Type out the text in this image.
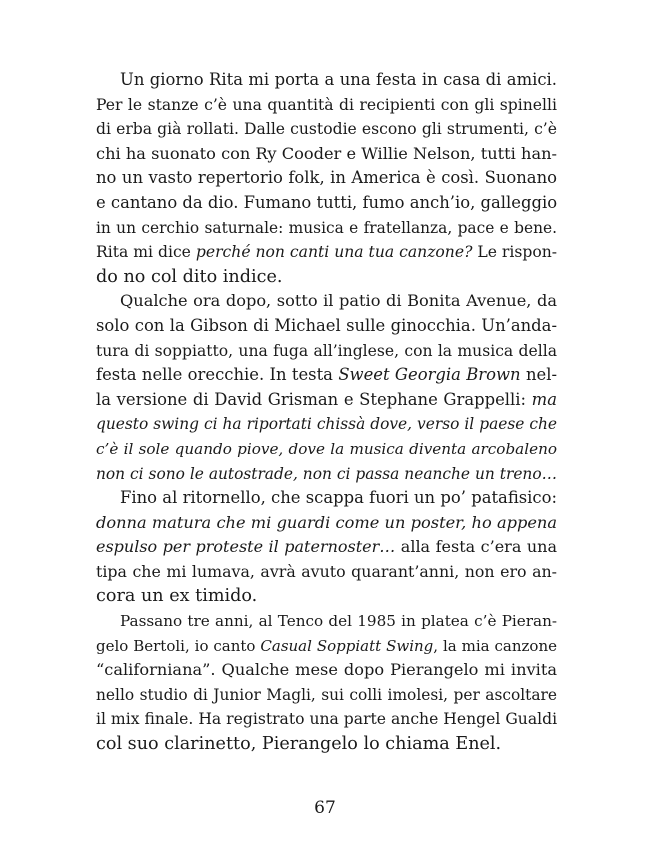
Un giorno Rita mi porta a una festa in casa di amici.
Per le stanze c’è una quantità di recipienti con gli spinelli
di erba già rollati. Dalle custodie escono gli strumenti, c’è
chi ha suonato con Ry Cooder e Willie Nelson, tutti han-
no un vasto repertorio folk, in America è così. Suonano
e cantano da dio. Fumano tutti, fumo anch’io, galleggio
in un cerchio saturnale: musica e fratellanza, pace e bene.
Rita mi dice perché non canti una tua canzone? Le rispon-
do no col dito indice.
Qualche ora dopo, sotto il patio di Bonita Avenue, da
solo con la Gibson di Michael sulle ginocchia. Un’anda-
tura di soppiatto, una fuga all’inglese, con la musica della
festa nelle orecchie. In testa Sweet Georgia Brown nel-
la versione di David Grisman e Stephane Grappelli: ma
questo swing ci ha riportati chissà dove, verso il paese che
c’è il sole quando piove, dove la musica diventa arcobaleno
non ci sono le autostrade, non ci passa neanche un treno…
Fino al ritornello, che scappa fuori un po’ patafisico:
donna matura che mi guardi come un poster, ho appena
espulso per proteste il paternoster… alla festa c’era una
tipa che mi lumava, avrà avuto quarant’anni, non ero an-
cora un ex timido.
Passano tre anni, al Tenco del 1985 in platea c’è Pieran-
gelo Bertoli, io canto Casual Soppiatt Swing, la mia canzone
“californiana”. Qualche mese dopo Pierangelo mi invita
nello studio di Junior Magli, sui colli imolesi, per ascoltare
il mix finale. Ha registrato una parte anche Hengel Gualdi
col suo clarinetto, Pierangelo lo chiama Enel.
67
